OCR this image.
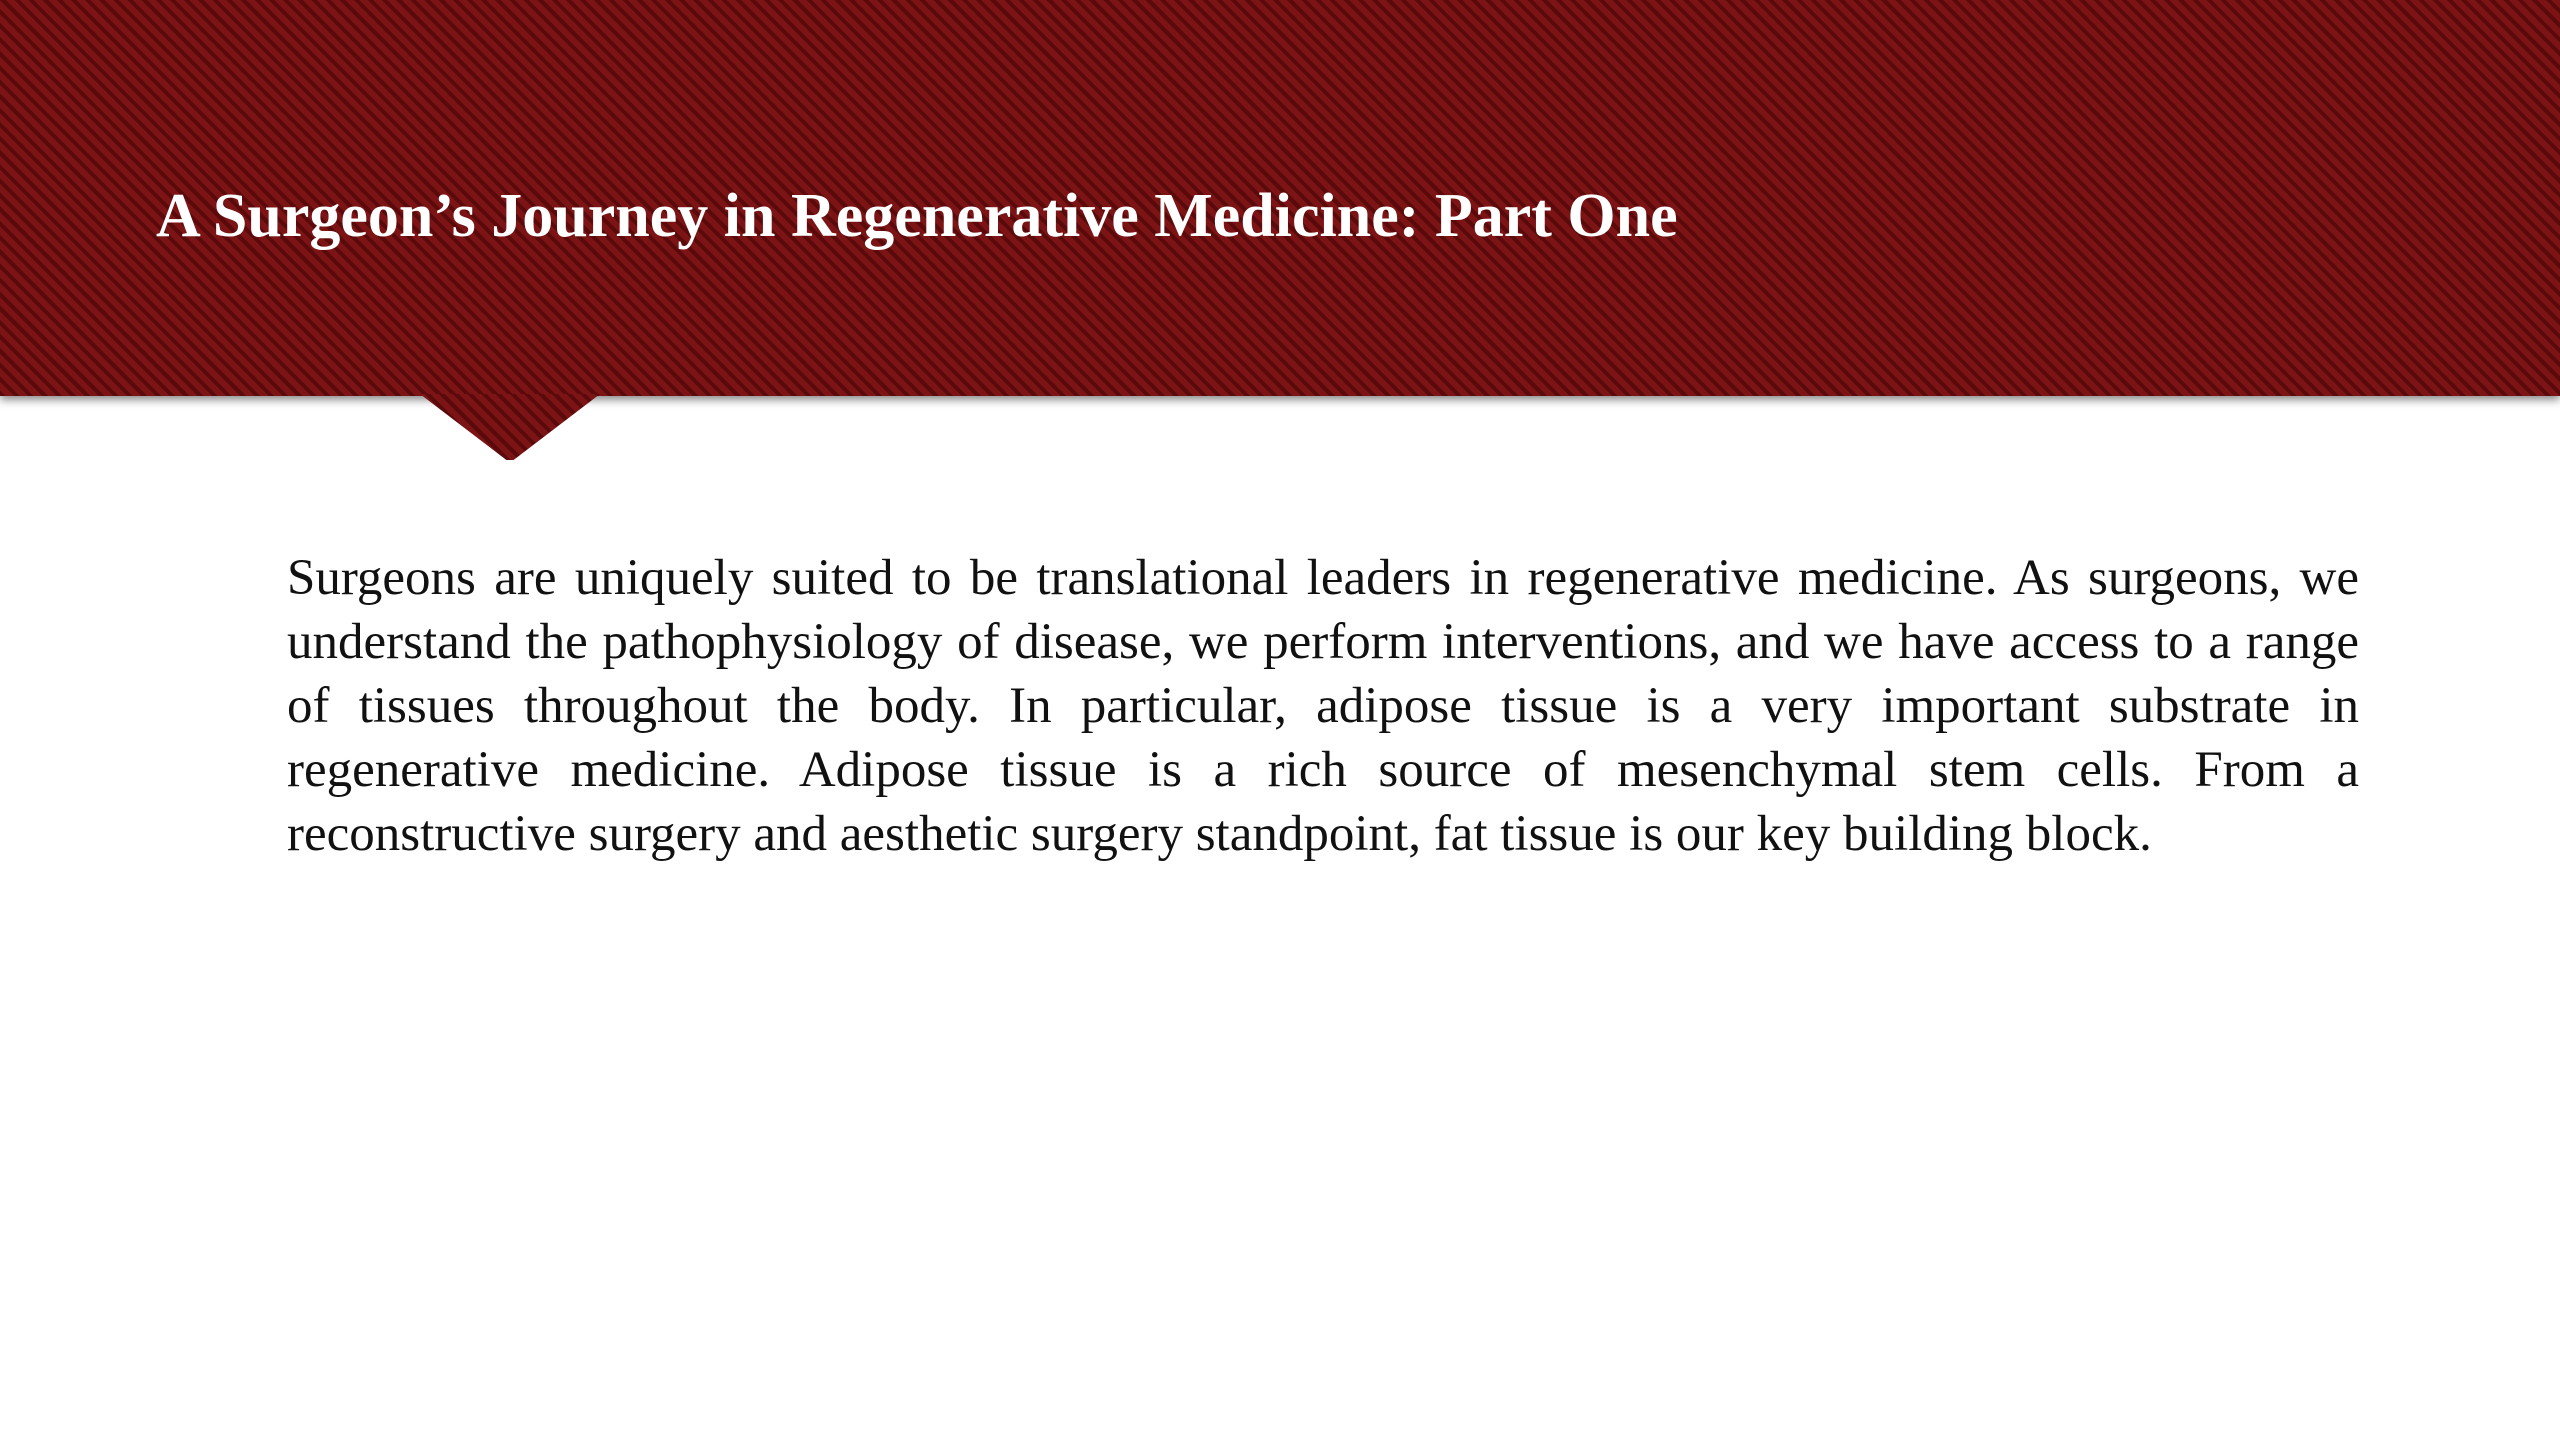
A Surgeon’s Journey in Regenerative Medicine: Part One

Surgeons are uniquely suited to be translational leaders in regenerative medicine. As surgeons, we understand the pathophysiology of disease, we perform interventions, and we have access to a range of tissues throughout the body. In particular, adipose tissue is a very important substrate in regenerative medicine. Adipose tissue is a rich source of mesenchymal stem cells. From a reconstructive surgery and aesthetic surgery standpoint, fat tissue is our key building block.
